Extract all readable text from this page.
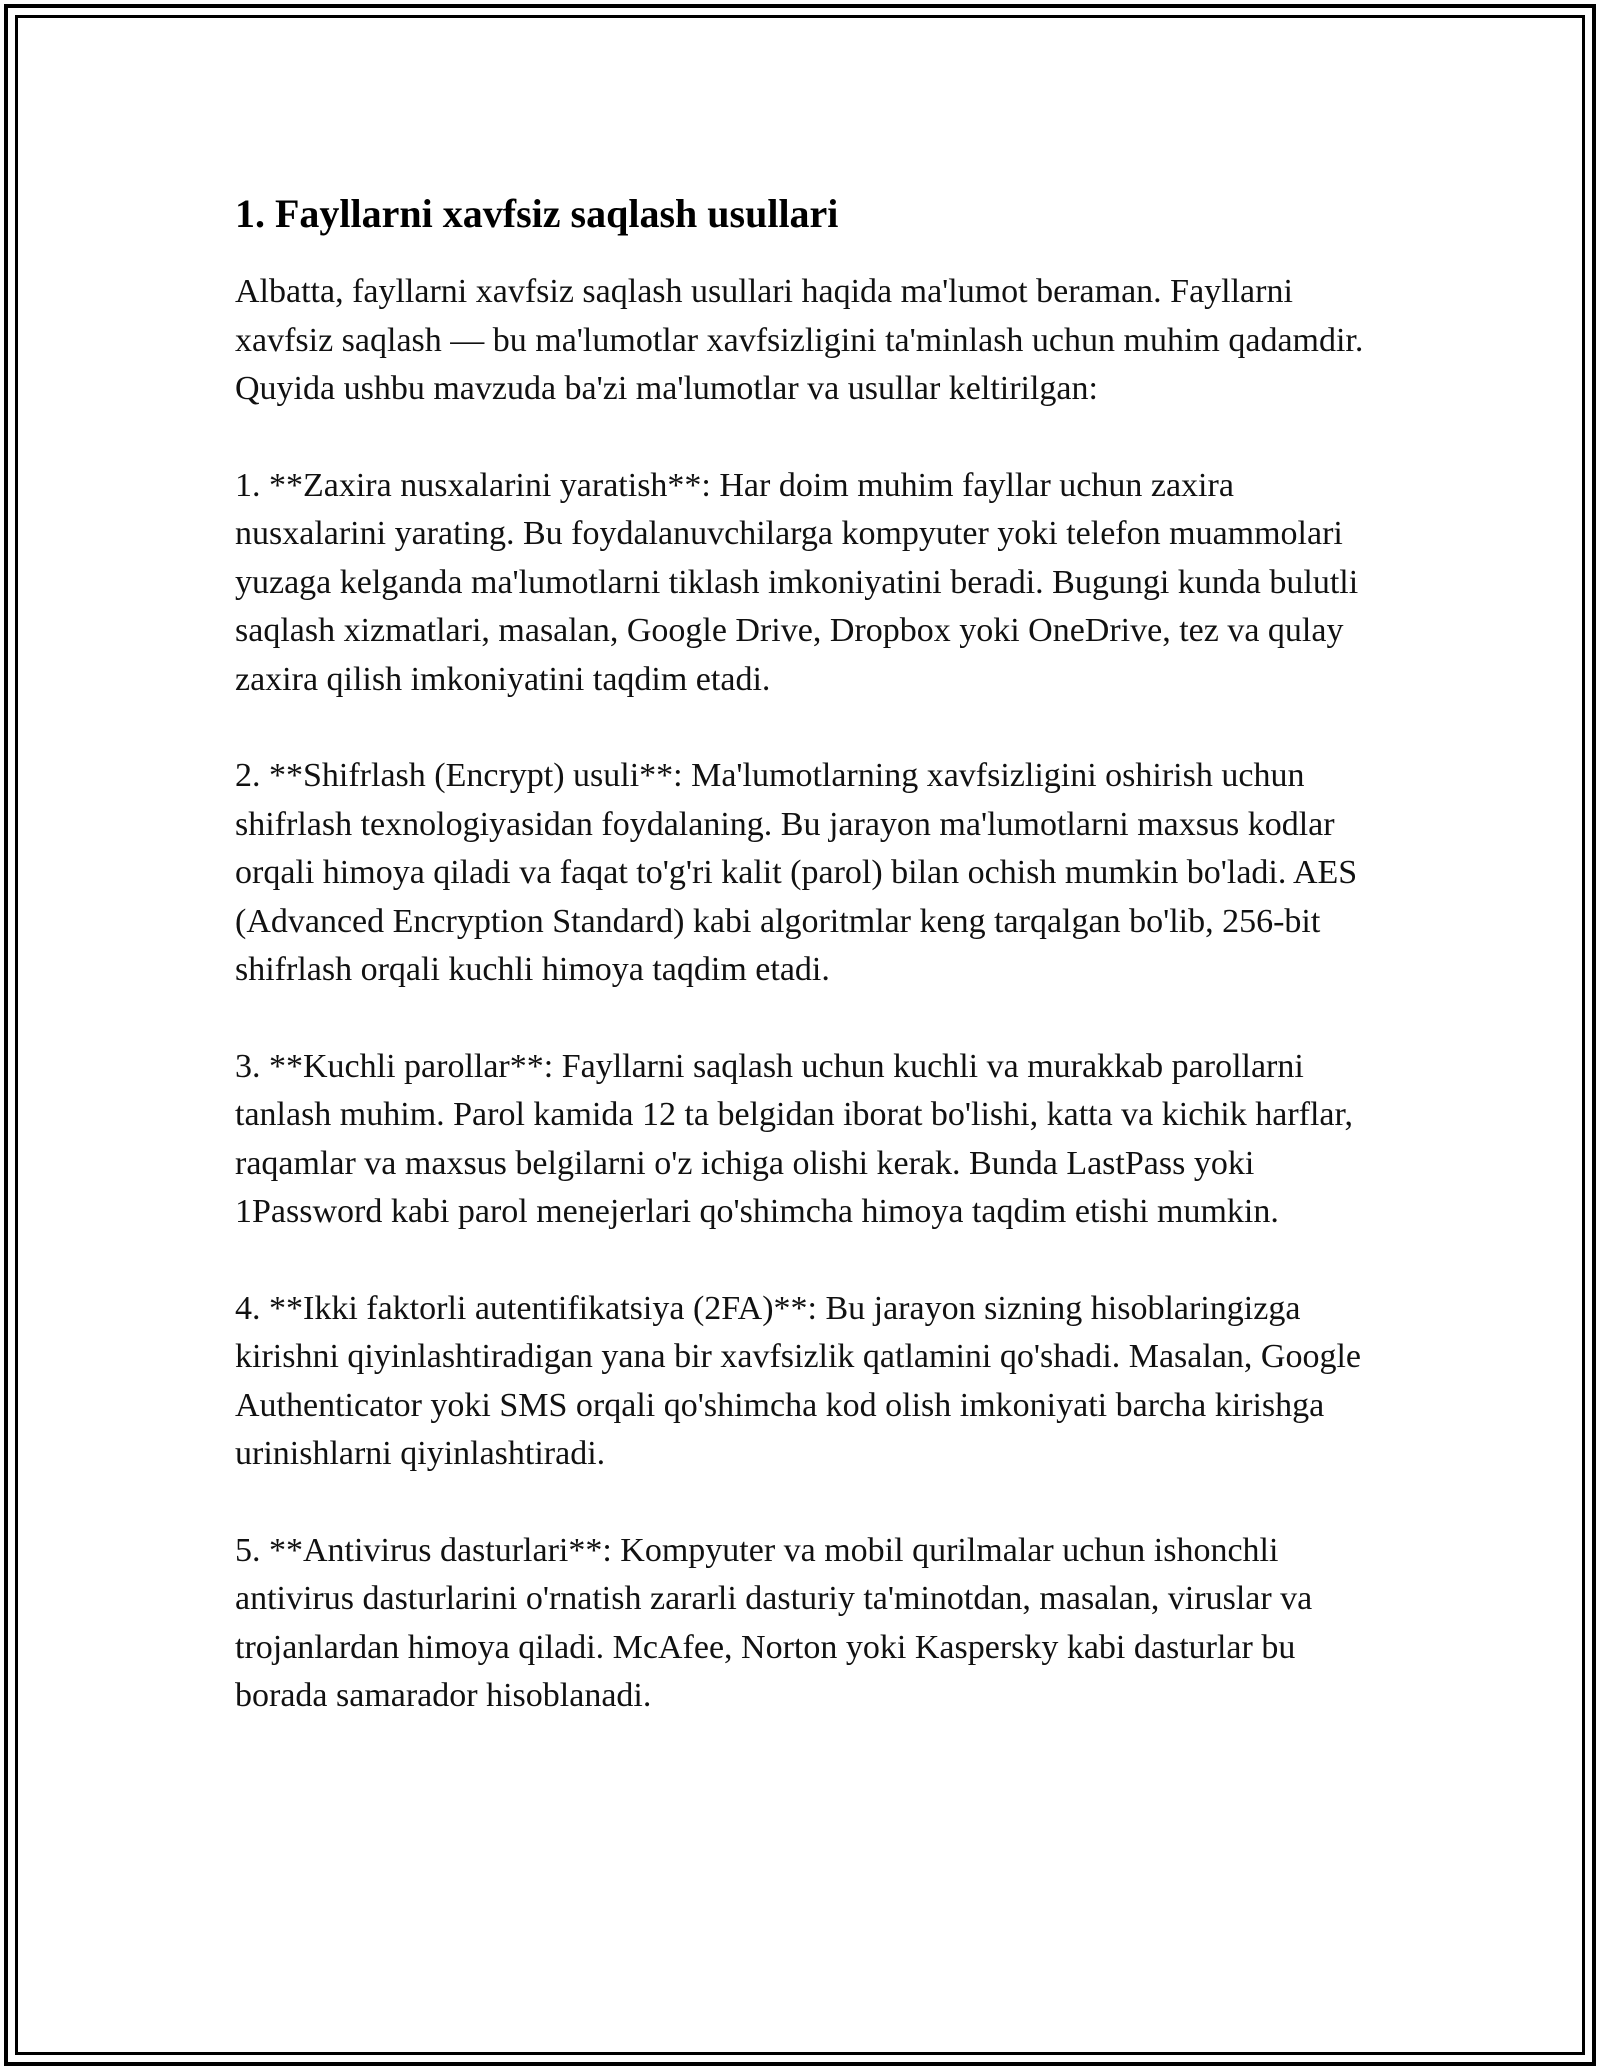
1. Fayllarni xavfsiz saqlash usullari

Albatta, fayllarni xavfsiz saqlash usullari haqida ma'lumot beraman. Fayllarni xavfsiz saqlash — bu ma'lumotlar xavfsizligini ta'minlash uchun muhim qadamdir. Quyida ushbu mavzuda ba'zi ma'lumotlar va usullar keltirilgan:

1. **Zaxira nusxalarini yaratish**: Har doim muhim fayllar uchun zaxira nusxalarini yarating. Bu foydalanuvchilarga kompyuter yoki telefon muammolari yuzaga kelganda ma'lumotlarni tiklash imkoniyatini beradi. Bugungi kunda bulutli saqlash xizmatlari, masalan, Google Drive, Dropbox yoki OneDrive, tez va qulay zaxira qilish imkoniyatini taqdim etadi.

2. **Shifrlash (Encrypt) usuli**: Ma'lumotlarning xavfsizligini oshirish uchun shifrlash texnologiyasidan foydalaning. Bu jarayon ma'lumotlarni maxsus kodlar orqali himoya qiladi va faqat to'g'ri kalit (parol) bilan ochish mumkin bo'ladi. AES (Advanced Encryption Standard) kabi algoritmlar keng tarqalgan bo'lib, 256-bit shifrlash orqali kuchli himoya taqdim etadi.

3. **Kuchli parollar**: Fayllarni saqlash uchun kuchli va murakkab parollarni tanlash muhim. Parol kamida 12 ta belgidan iborat bo'lishi, katta va kichik harflar, raqamlar va maxsus belgilarni o'z ichiga olishi kerak. Bunda LastPass yoki 1Password kabi parol menejerlari qo'shimcha himoya taqdim etishi mumkin.

4. **Ikki faktorli autentifikatsiya (2FA)**: Bu jarayon sizning hisoblaringizga kirishni qiyinlashtiradigan yana bir xavfsizlik qatlamini qo'shadi. Masalan, Google Authenticator yoki SMS orqali qo'shimcha kod olish imkoniyati barcha kirishga urinishlarni qiyinlashtiradi.

5. **Antivirus dasturlari**: Kompyuter va mobil qurilmalar uchun ishonchli antivirus dasturlarini o'rnatish zararli dasturiy ta'minotdan, masalan, viruslar va trojanlardan himoya qiladi. McAfee, Norton yoki Kaspersky kabi dasturlar bu borada samarador hisoblanadi.
